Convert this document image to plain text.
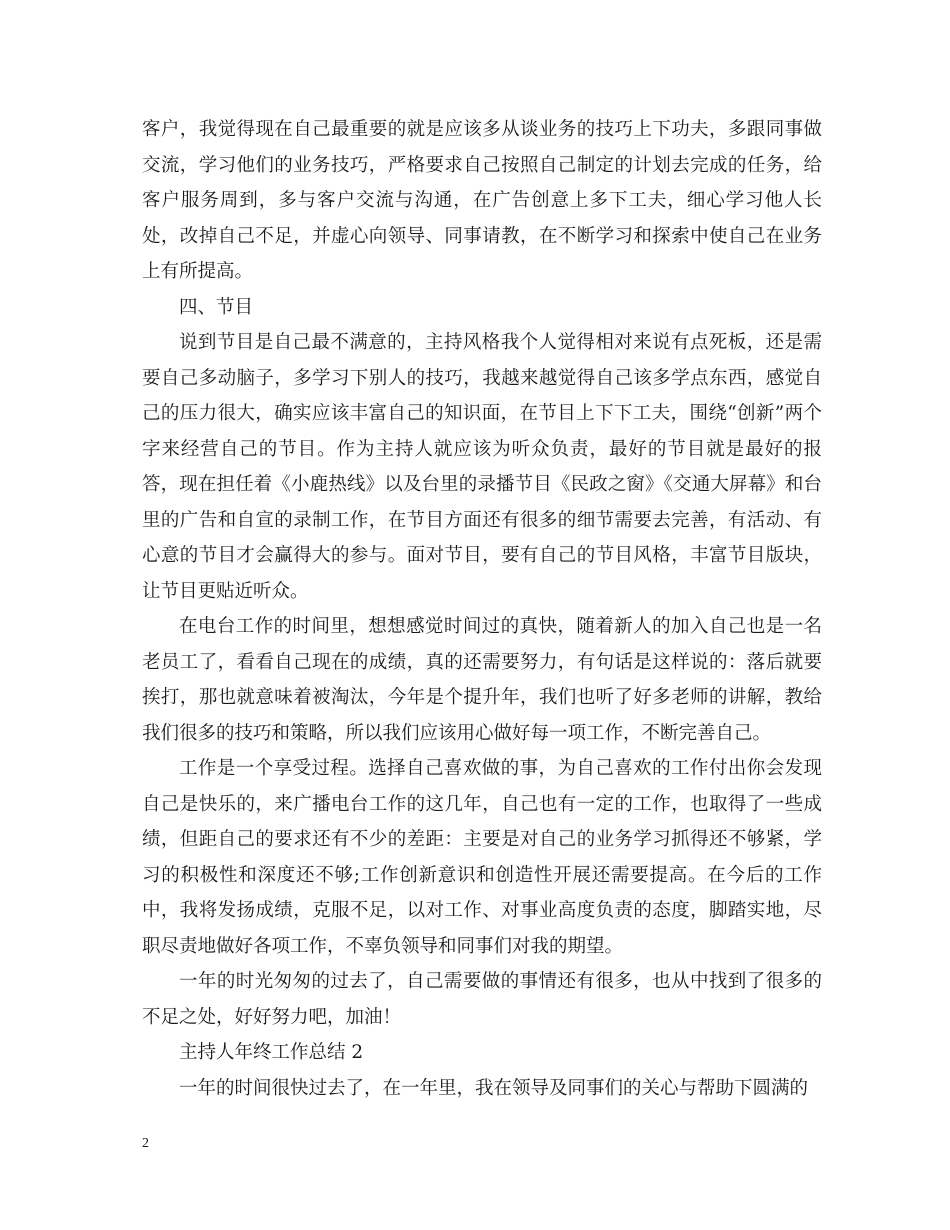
客户，我觉得现在自己最重要的就是应该多从谈业务的技巧上下功夫，多跟同事做交流，学习他们的业务技巧，严格要求自己按照自己制定的计划去完成的任务，给客户服务周到，多与客户交流与沟通，在广告创意上多下工夫，细心学习他人长处，改掉自己不足，并虚心向领导、同事请教，在不断学习和探索中使自己在业务上有所提高。

四、节目

说到节目是自己最不满意的，主持风格我个人觉得相对来说有点死板，还是需要自己多动脑子，多学习下别人的技巧，我越来越觉得自己该多学点东西，感觉自己的压力很大，确实应该丰富自己的知识面，在节目上下下工夫，围绕“创新”两个字来经营自己的节目。作为主持人就应该为听众负责，最好的节目就是最好的报答，现在担任着《小鹿热线》以及台里的录播节目《民政之窗》《交通大屏幕》和台里的广告和自宣的录制工作，在节目方面还有很多的细节需要去完善，有活动、有心意的节目才会赢得大的参与。面对节目，要有自己的节目风格，丰富节目版块，让节目更贴近听众。

在电台工作的时间里，想想感觉时间过的真快，随着新人的加入自己也是一名老员工了，看看自己现在的成绩，真的还需要努力，有句话是这样说的：落后就要挨打，那也就意味着被淘汰，今年是个提升年，我们也听了好多老师的讲解，教给我们很多的技巧和策略，所以我们应该用心做好每一项工作，不断完善自己。

工作是一个享受过程。选择自己喜欢做的事，为自己喜欢的工作付出你会发现自己是快乐的，来广播电台工作的这几年，自己也有一定的工作，也取得了一些成绩，但距自己的要求还有不少的差距：主要是对自己的业务学习抓得还不够紧，学习的积极性和深度还不够;工作创新意识和创造性开展还需要提高。在今后的工作中，我将发扬成绩，克服不足，以对工作、对事业高度负责的态度，脚踏实地，尽职尽责地做好各项工作，不辜负领导和同事们对我的期望。

一年的时光匆匆的过去了，自己需要做的事情还有很多，也从中找到了很多的不足之处，好好努力吧，加油！

主持人年终工作总结 2

一年的时间很快过去了，在一年里，我在领导及同事们的关心与帮助下圆满的

2
